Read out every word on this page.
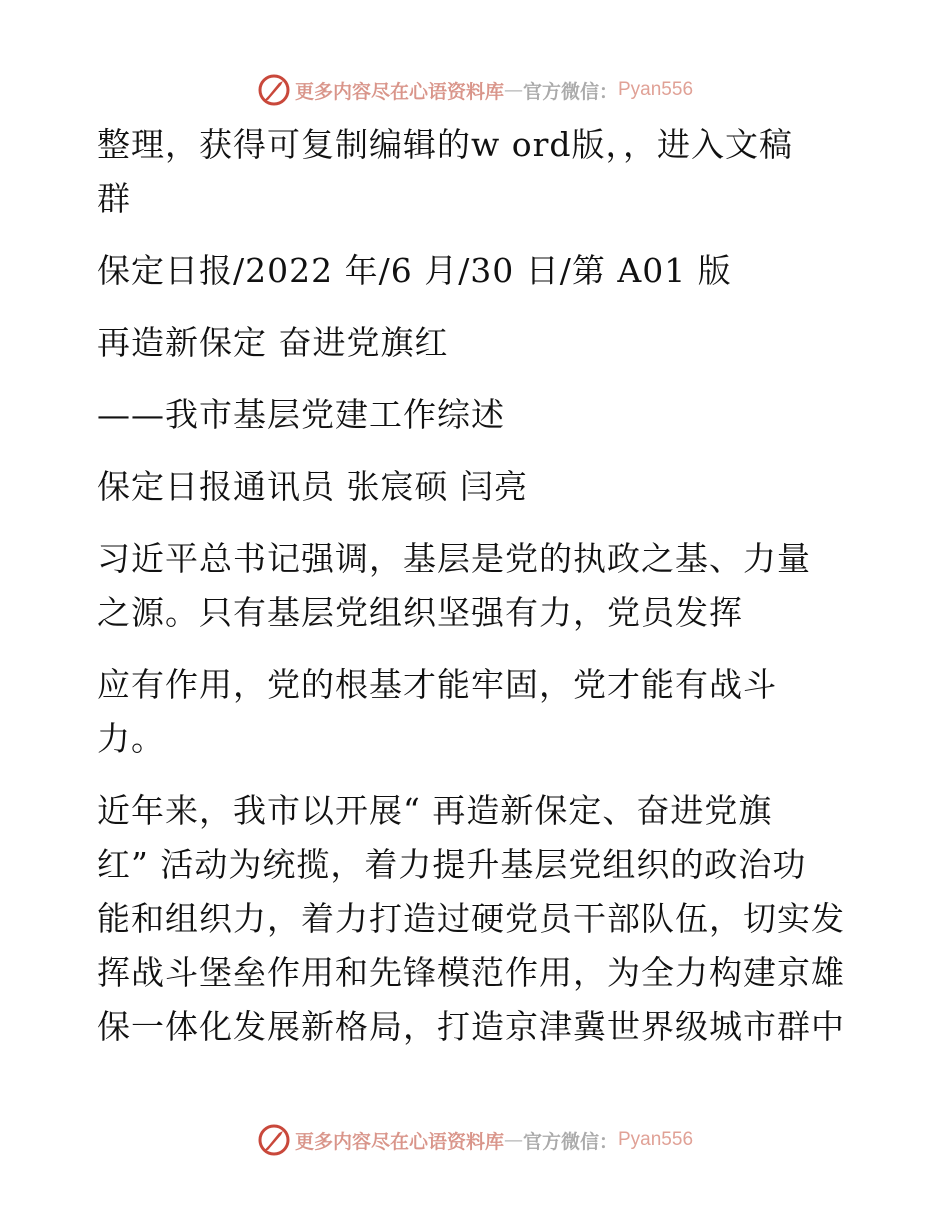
更多内容尽在心语资料库 — 官方微信： Pyan556
整理，获得可复制编辑的w ord版，，进入文稿
群
保定日报/2022 年/6 月/30 日/第 A01 版
再造新保定 奋进党旗红
——我市基层党建工作综述
保定日报通讯员 张宸硕 闫亮
习近平总书记强调，基层是党的执政之基、力量
之源。只有基层党组织坚强有力，党员发挥
应有作用，党的根基才能牢固，党才能有战斗
力。
近年来，我市以开展“ 再造新保定、奋进党旗
红” 活动为统揽，着力提升基层党组织的政治功
能和组织力，着力打造过硬党员干部队伍，切实发
挥战斗堡垒作用和先锋模范作用，为全力构建京雄
保一体化发展新格局，打造京津冀世界级城市群中
更多内容尽在心语资料库 — 官方微信： Pyan556
